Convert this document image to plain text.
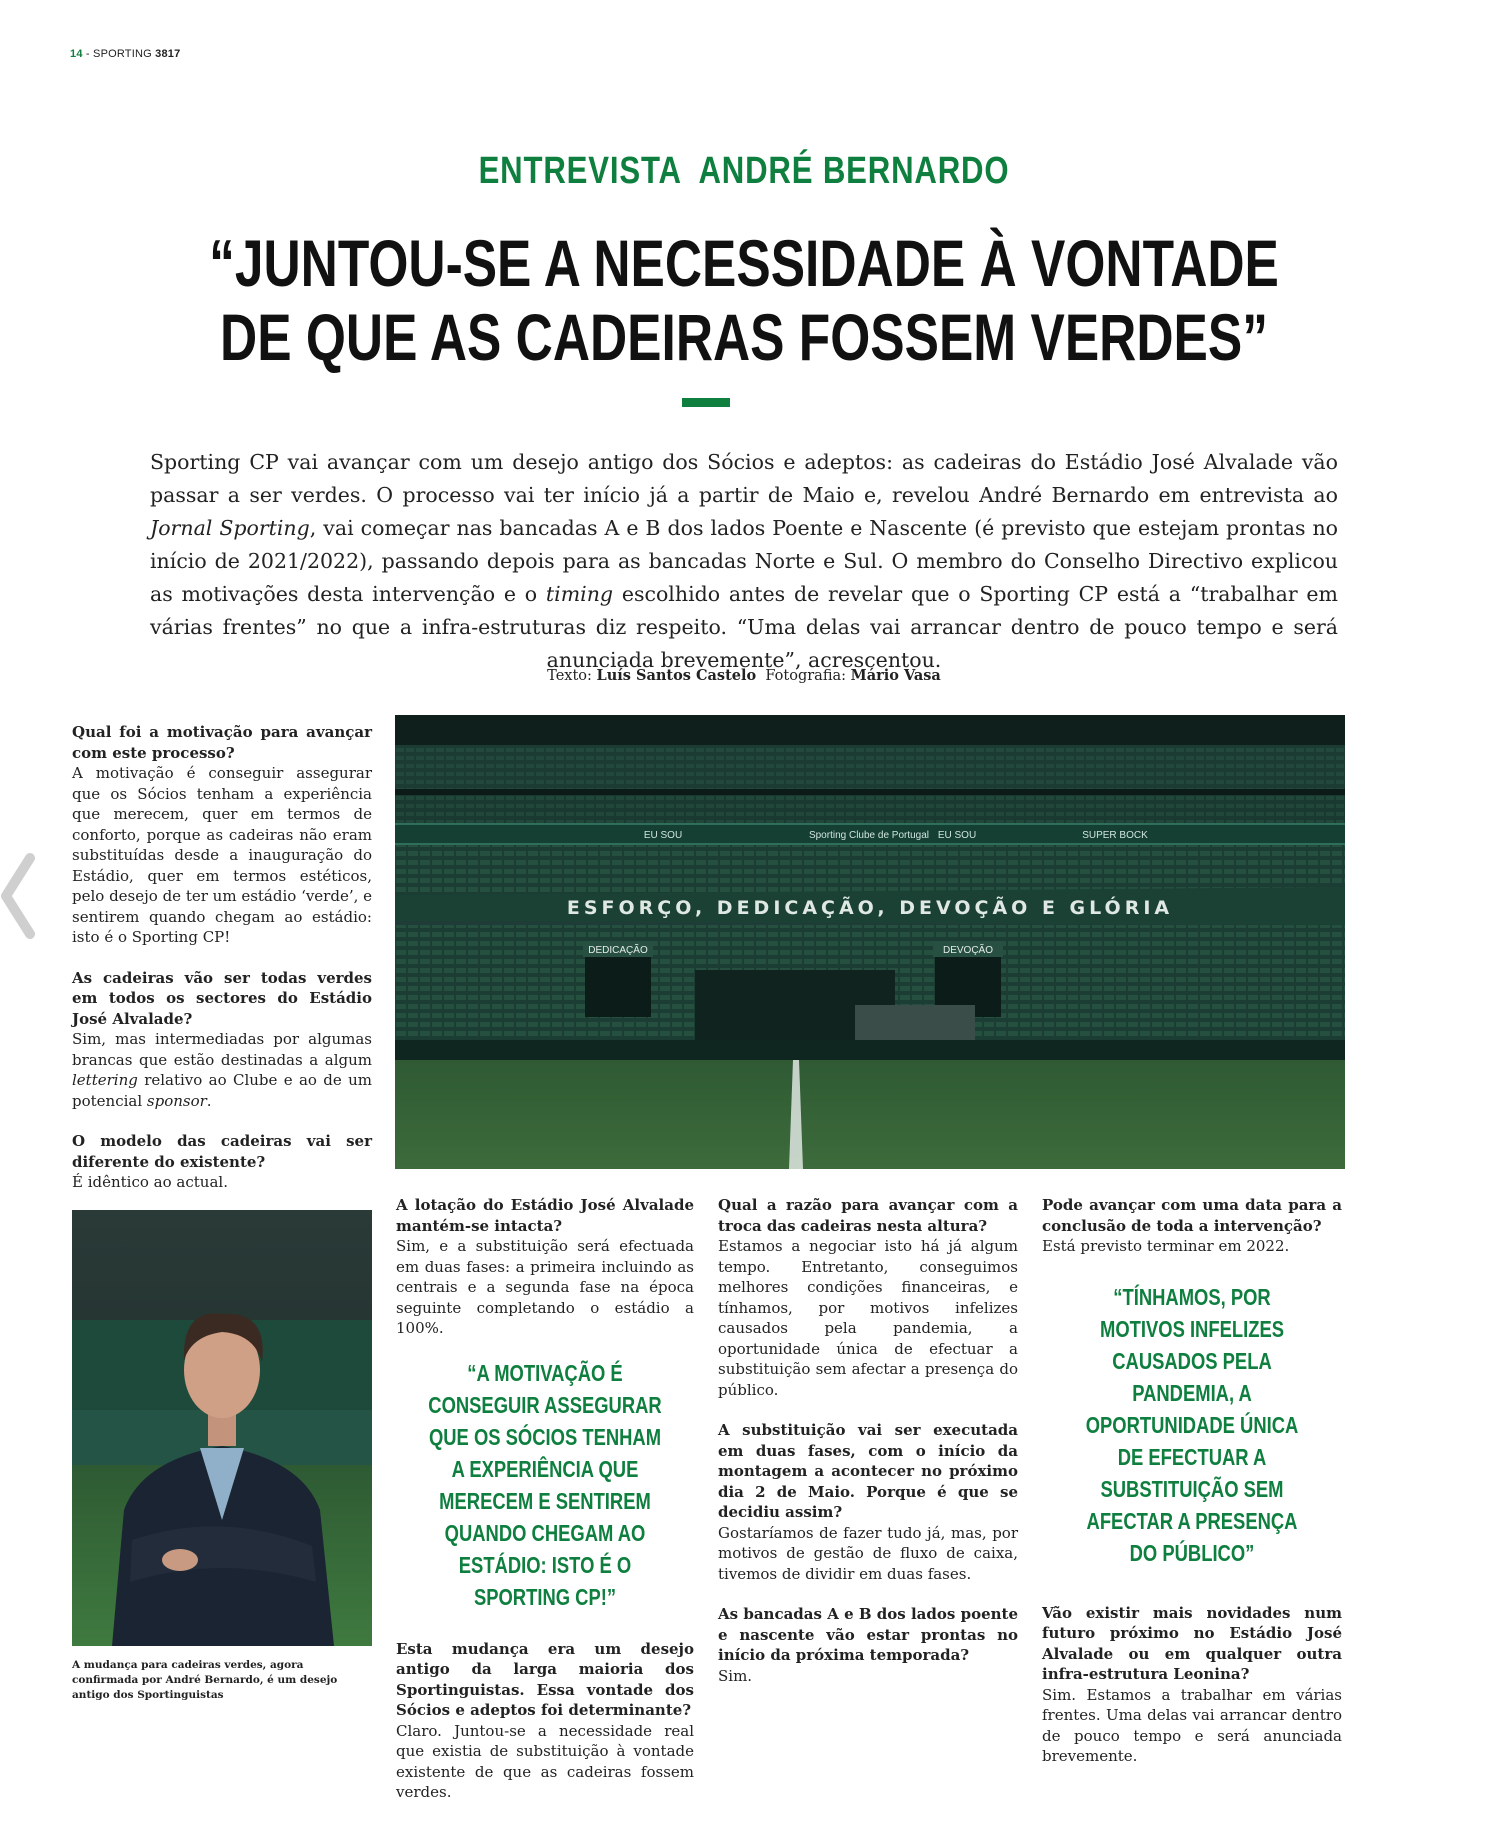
14 - SPORTING 3817
ENTREVISTA  ANDRÉ BERNARDO
“JUNTOU-SE A NECESSIDADE À VONTADE
DE QUE AS CADEIRAS FOSSEM VERDES”
Sporting CP vai avançar com um desejo antigo dos Sócios e adeptos: as cadeiras do Estádio José Alvalade vão passar a ser verdes. O processo vai ter início já a partir de Maio e, revelou André Bernardo em entrevista ao Jornal Sporting, vai começar nas bancadas A e B dos lados Poente e Nascente (é previsto que estejam prontas no início de 2021/2022), passando depois para as bancadas Norte e Sul. O membro do Conselho Directivo explicou as motivações desta intervenção e o timing escolhido antes de revelar que o Sporting CP está a “trabalhar em várias frentes” no que a infra-estruturas diz respeito. “Uma delas vai arrancar dentro de pouco tempo e será anunciada brevemente”, acrescentou.
Texto: Luís Santos Castelo Fotografia: Mário Vasa

Qual foi a motivação para avançar com este processo?
A motivação é conseguir assegurar que os Sócios tenham a experiência que merecem, quer em termos de conforto, porque as cadeiras não eram substituídas desde a inauguração do Estádio, quer em termos estéticos, pelo desejo de ter um estádio ‘verde’, e sentirem quando chegam ao estádio: isto é o Sporting CP!

As cadeiras vão ser todas verdes em todos os sectores do Estádio José Alvalade?
Sim, mas intermediadas por algumas brancas que estão destinadas a algum lettering relativo ao Clube e ao de um potencial sponsor.

O modelo das cadeiras vai ser diferente do existente?
É idêntico ao actual.

Sporting Clube de Portugal
EU SOU	EU SOU	SUPER BOCK
ESFORÇO, DEDICAÇÃO, DEVOÇÃO E GLÓRIA
DEDICAÇÃO	DEVOÇÃO
A mudança para cadeiras verdes, agora confirmada por André Bernardo, é um desejo antigo dos Sportinguistas

A lotação do Estádio José Alvalade mantém-se intacta?
Sim, e a substituição será efectuada em duas fases: a primeira incluindo as centrais e a segunda fase na época seguinte completando o estádio a 100%.

“A MOTIVAÇÃO É CONSEGUIR ASSEGURAR QUE OS SÓCIOS TENHAM A EXPERIÊNCIA QUE MERECEM E SENTIREM QUANDO CHEGAM AO ESTÁDIO: ISTO É O SPORTING CP!”

Esta mudança era um desejo antigo da larga maioria dos Sportinguistas. Essa vontade dos Sócios e adeptos foi determinante?
Claro. Juntou-se a necessidade real que existia de substituição à vontade existente de que as cadeiras fossem verdes.

Qual a razão para avançar com a troca das cadeiras nesta altura?
Estamos a negociar isto há já algum tempo. Entretanto, conseguimos melhores condições financeiras, e tínhamos, por motivos infelizes causados pela pandemia, a oportunidade única de efectuar a substituição sem afectar a presença do público.

A substituição vai ser executada em duas fases, com o início da montagem a acontecer no próximo dia 2 de Maio. Porque é que se decidiu assim?
Gostaríamos de fazer tudo já, mas, por motivos de gestão de fluxo de caixa, tivemos de dividir em duas fases.

As bancadas A e B dos lados poente e nascente vão estar prontas no início da próxima temporada?
Sim.

Pode avançar com uma data para a conclusão de toda a intervenção?
Está previsto terminar em 2022.

“TÍNHAMOS, POR MOTIVOS INFELIZES CAUSADOS PELA PANDEMIA, A OPORTUNIDADE ÚNICA DE EFECTUAR A SUBSTITUIÇÃO SEM AFECTAR A PRESENÇA DO PÚBLICO”

Vão existir mais novidades num futuro próximo no Estádio José Alvalade ou em qualquer outra infra-estrutura Leonina?
Sim. Estamos a trabalhar em várias frentes. Uma delas vai arrancar dentro de pouco tempo e será anunciada brevemente.
